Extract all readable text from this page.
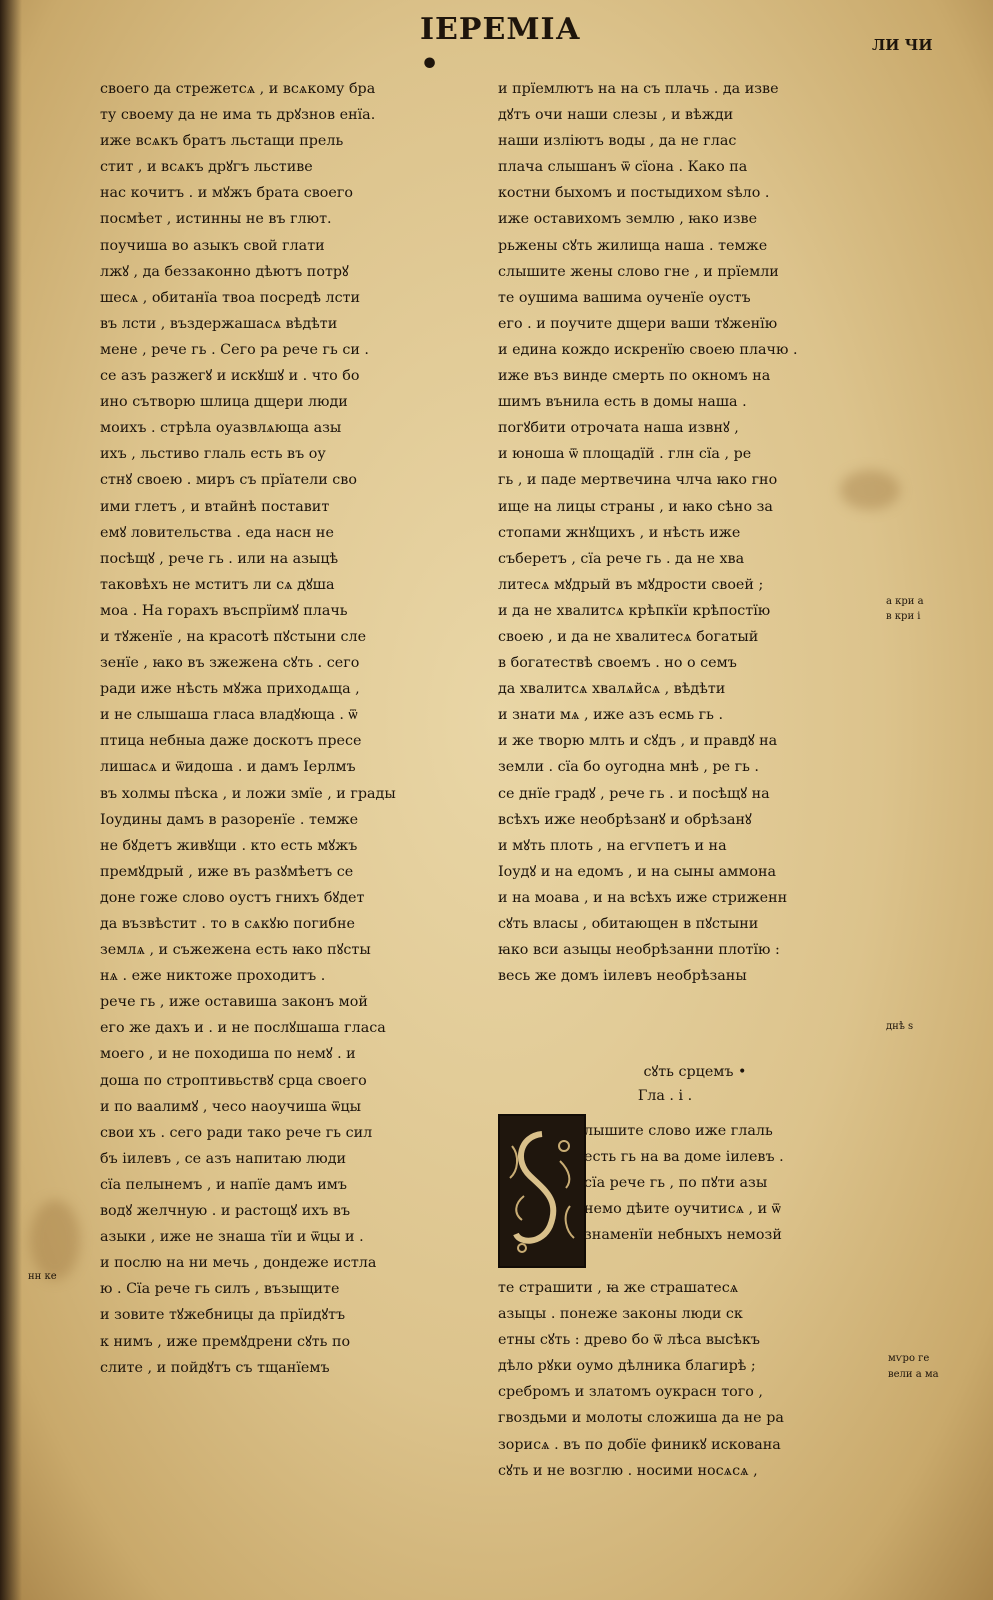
ІЕРЕМІА •
ЛИ ЧИ
своего да стрежетсѧ , и всѧкому бра
ту своему да не има ть дрꙋзнов енїа.
иже всѧкъ братъ льстащи прель
стит , и всѧкъ дрꙋгъ льстиве
нас кочитъ . и мꙋжъ брата своего
посмѣет , истинны не въ глют.
поучиша во азыкъ свой глати
лжꙋ , да беззаконно дѣютъ потрꙋ
шесѧ , обитанїа твоа посредѣ лсти
въ лсти , въздержашасѧ вѣдѣти
мене , рече гь . Сего ра рече гь си .
се азъ разжегꙋ и искꙋшꙋ и . что бо
ино сътворю шлица дщери люди
моихъ . стрѣла оуазвлѧюща азы
ихъ , льстиво глаль есть въ оу
стнꙋ своею . миръ съ прїатели сво
ими глетъ , и втайнѣ поставит
емꙋ ловительства . еда насн не
посѣщꙋ , рече гь . или на азыцѣ
таковѣхъ не мститъ ли сѧ дꙋша
моа . На горахъ въспрїимꙋ плачь
и тꙋженїе , на красотѣ пꙋстыни сле
зенїе , ꙗко въ зжежена сꙋть . сего
ради иже нѣсть мꙋжа приходѧща ,
и не слышаша гласа владꙋюща . ѿ
птица небныа даже доскотъ пресе
лишасѧ и ѿидоша . и дамъ Іерлмъ
въ холмы пѣска , и ложи змїе , и грады
Іоудины дамъ в разоренїе . темже
не бꙋдетъ живꙋщи . кто есть мꙋжъ
премꙋдрый , иже въ разꙋмѣетъ се
доне гоже слово оустъ гнихъ бꙋдет
да възвѣстит . то в сѧкꙋю погибне
землѧ , и съжежена есть ꙗко пꙋсты
нѧ . еже никтоже проходитъ .
рече гь , иже оставиша законъ мой
его же дахъ и . и не послꙋшаша гласа
моего , и не походиша по немꙋ . и
доша по строптивьствꙋ срца своего
и по ваалимꙋ , чесо наоучиша ѿцы
свои хъ . сего ради тако рече гь сил
бъ іилевъ , се азъ напитаю люди
сїа пелынемъ , и напїе дамъ имъ
водꙋ желчную . и растощꙋ ихъ въ
азыки , иже не знаша тїи и ѿцы и .
и послю на ни мечь , дондеже истла
ю . Сїа рече гь силъ , възыщите
и зовите тꙋжебницы да прїидꙋтъ
к нимъ , иже премꙋдрени сꙋть по
слите , и пойдꙋтъ съ тщанїемъ
и прїемлютъ на на съ плачь . да изве
дꙋтъ очи наши слезы , и вѣжди
наши изліютъ воды , да не глас
плача слышанъ ѿ сїона . Како па
костни быхомъ и постыдихом ѕѣло .
иже оставихомъ землю , ꙗко изве
рьжены сꙋть жилища наша . темже
слышите жены слово гне , и прїемли
те оушима вашима оученїе оустъ
его . и поучите дщери ваши тꙋженїю
и едина кождо искренїю своею плачю .
иже въз винде смерть по окномъ на
шимъ вънила есть в домы наша .
погꙋбити отрочата наша извнꙋ ,
и юноша ѿ площадїй . глн сїа , ре
гь , и паде мертвечина члча ꙗко гно
ище на лицы страны , и ꙗко сѣно за
стопами жнꙋщихъ , и нѣсть иже
съберетъ , сїа рече гь . да не хва
литесѧ мꙋдрый въ мꙋдрости своей ;
и да не хвалитсѧ крѣпкїи крѣпостїю
своею , и да не хвалитесѧ богатый
в богатествѣ своемъ . но о семъ
да хвалитсѧ хвалѧйсѧ , вѣдѣти
и знати мѧ , иже азъ есмь гь .
и же творю млть и сꙋдъ , и правдꙋ на
земли . сїа бо оугодна мнѣ , ре гь .
се днїе градꙋ , рече гь . и посѣщꙋ на
всѣхъ иже необрѣзанꙋ и обрѣзанꙋ
и мꙋть плоть , на егѵпетъ и на
Іоудꙋ и на едомъ , и на сыны аммона
и на моава , и на всѣхъ иже стриженн
сꙋть власы , обитающен в пꙋстыни
ꙗко вси азыцы необрѣзанни плотїю :
весь же домъ іилевъ необрѣзаны
сꙋть срцемъ •
Гла . і .
лышите слово иже глаль
есть гь на ва доме іилевъ .
сїа рече гь , по пꙋти азы
немо дѣите оучитисѧ , и ѿ
знаменїи небныхъ немозй
те страшити , ꙗ же страшатесѧ
азыцы . понеже законы люди ск
етны сꙋть : древо бо ѿ лѣса высѣкъ
дѣло рꙋки оумо дѣлника благирѣ ;
сребромъ и златомъ оукрасн того ,
гвоздьми и молоты сложиша да не ра
зорисѧ . въ по добїе финикꙋ искована
сꙋть и не возглю . носими носѧсѧ ,
а кри а
в кри і
днѣ ѕ
мѵро ге
вели а ма
нн ке
